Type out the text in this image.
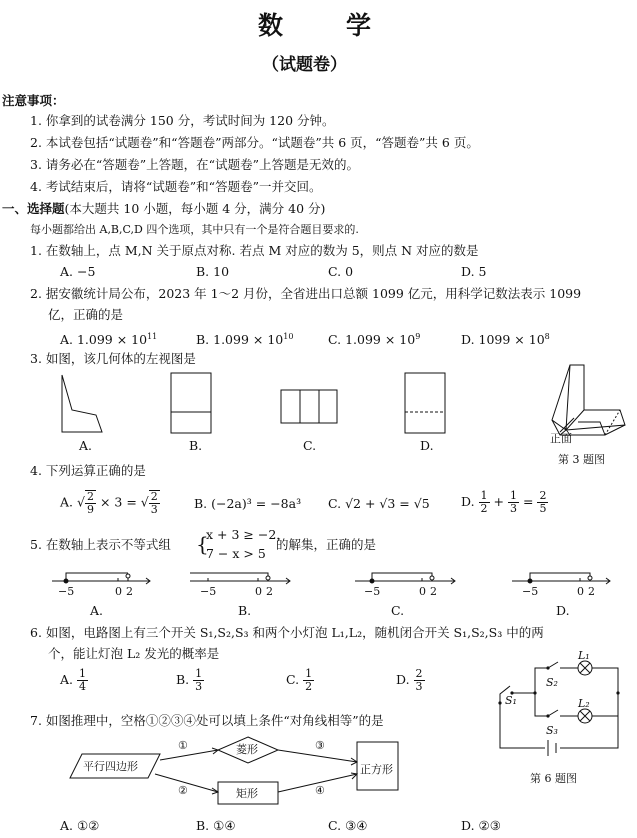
数	学
（试题卷）
注意事项：
1. 你拿到的试卷满分 150 分，考试时间为 120 分钟。
2. 本试卷包括“试题卷”和“答题卷”两部分。“试题卷”共 6 页，“答题卷”共 6 页。
3. 请务必在“答题卷”上答题，在“试题卷”上答题是无效的。
4. 考试结束后，请将“试题卷”和“答题卷”一并交回。
一、选择题(本大题共 10 小题，每小题 4 分，满分 40 分)
每小题都给出 A,B,C,D 四个选项，其中只有一个是符合题目要求的.
1. 在数轴上，点 M,N 关于原点对称. 若点 M 对应的数为 5，则点 N 对应的数是
A. −5	B. 10	C. 0	D. 5
2. 据安徽统计局公布，2023 年 1～2 月份，全省进出口总额 1099 亿元，用科学记数法表示 1099
亿，正确的是
A. $1.099 \times 10^{11}$	B. $1.099 \times 10^{10}$	C. $1.099 \times 10^9$	D. $1099 \times 10^8$
3. 如图，该几何体的左视图是
A.	B.	C.	D.	正面
第 3 题图
4. 下列运算正确的是
A. √ $\frac{2}{9} \times 3$ = √ $\frac{2}{3}$	B. (−2a)³ = −8a³ C. √2 + √3 = √5	D. $\frac{1}{2} + \frac{1}{3} = \frac{2}{5}$
5. 在数轴上表示不等式组 {
x + 3 ≥ −2，
7 − x > 5
的解集，正确的是
−5	0 2	−5	0 2	−5	0 2	−5	0 2
A.	B.	C.	D.
6. 如图，电路图上有三个开关 S₁,S₂,S₃ 和两个小灯泡 L₁,L₂，随机闭合开关 S₁,S₂,S₃ 中的两
个，能让灯泡 L₂ 发光的概率是
A. $\frac{1}{4}$	B. $\frac{1}{3}$	C. $\frac{1}{2}$	D. $\frac{2}{3}$
L₁
L₂
S₂
S₃
S₁
第 6 题图
7. 如图推理中，空格①②③④处可以填上条件“对角线相等”的是
平行四边形
菱形
矩形
正方形
①
②
③
④
A. ①②	B. ①④	C. ③④	D. ②③
